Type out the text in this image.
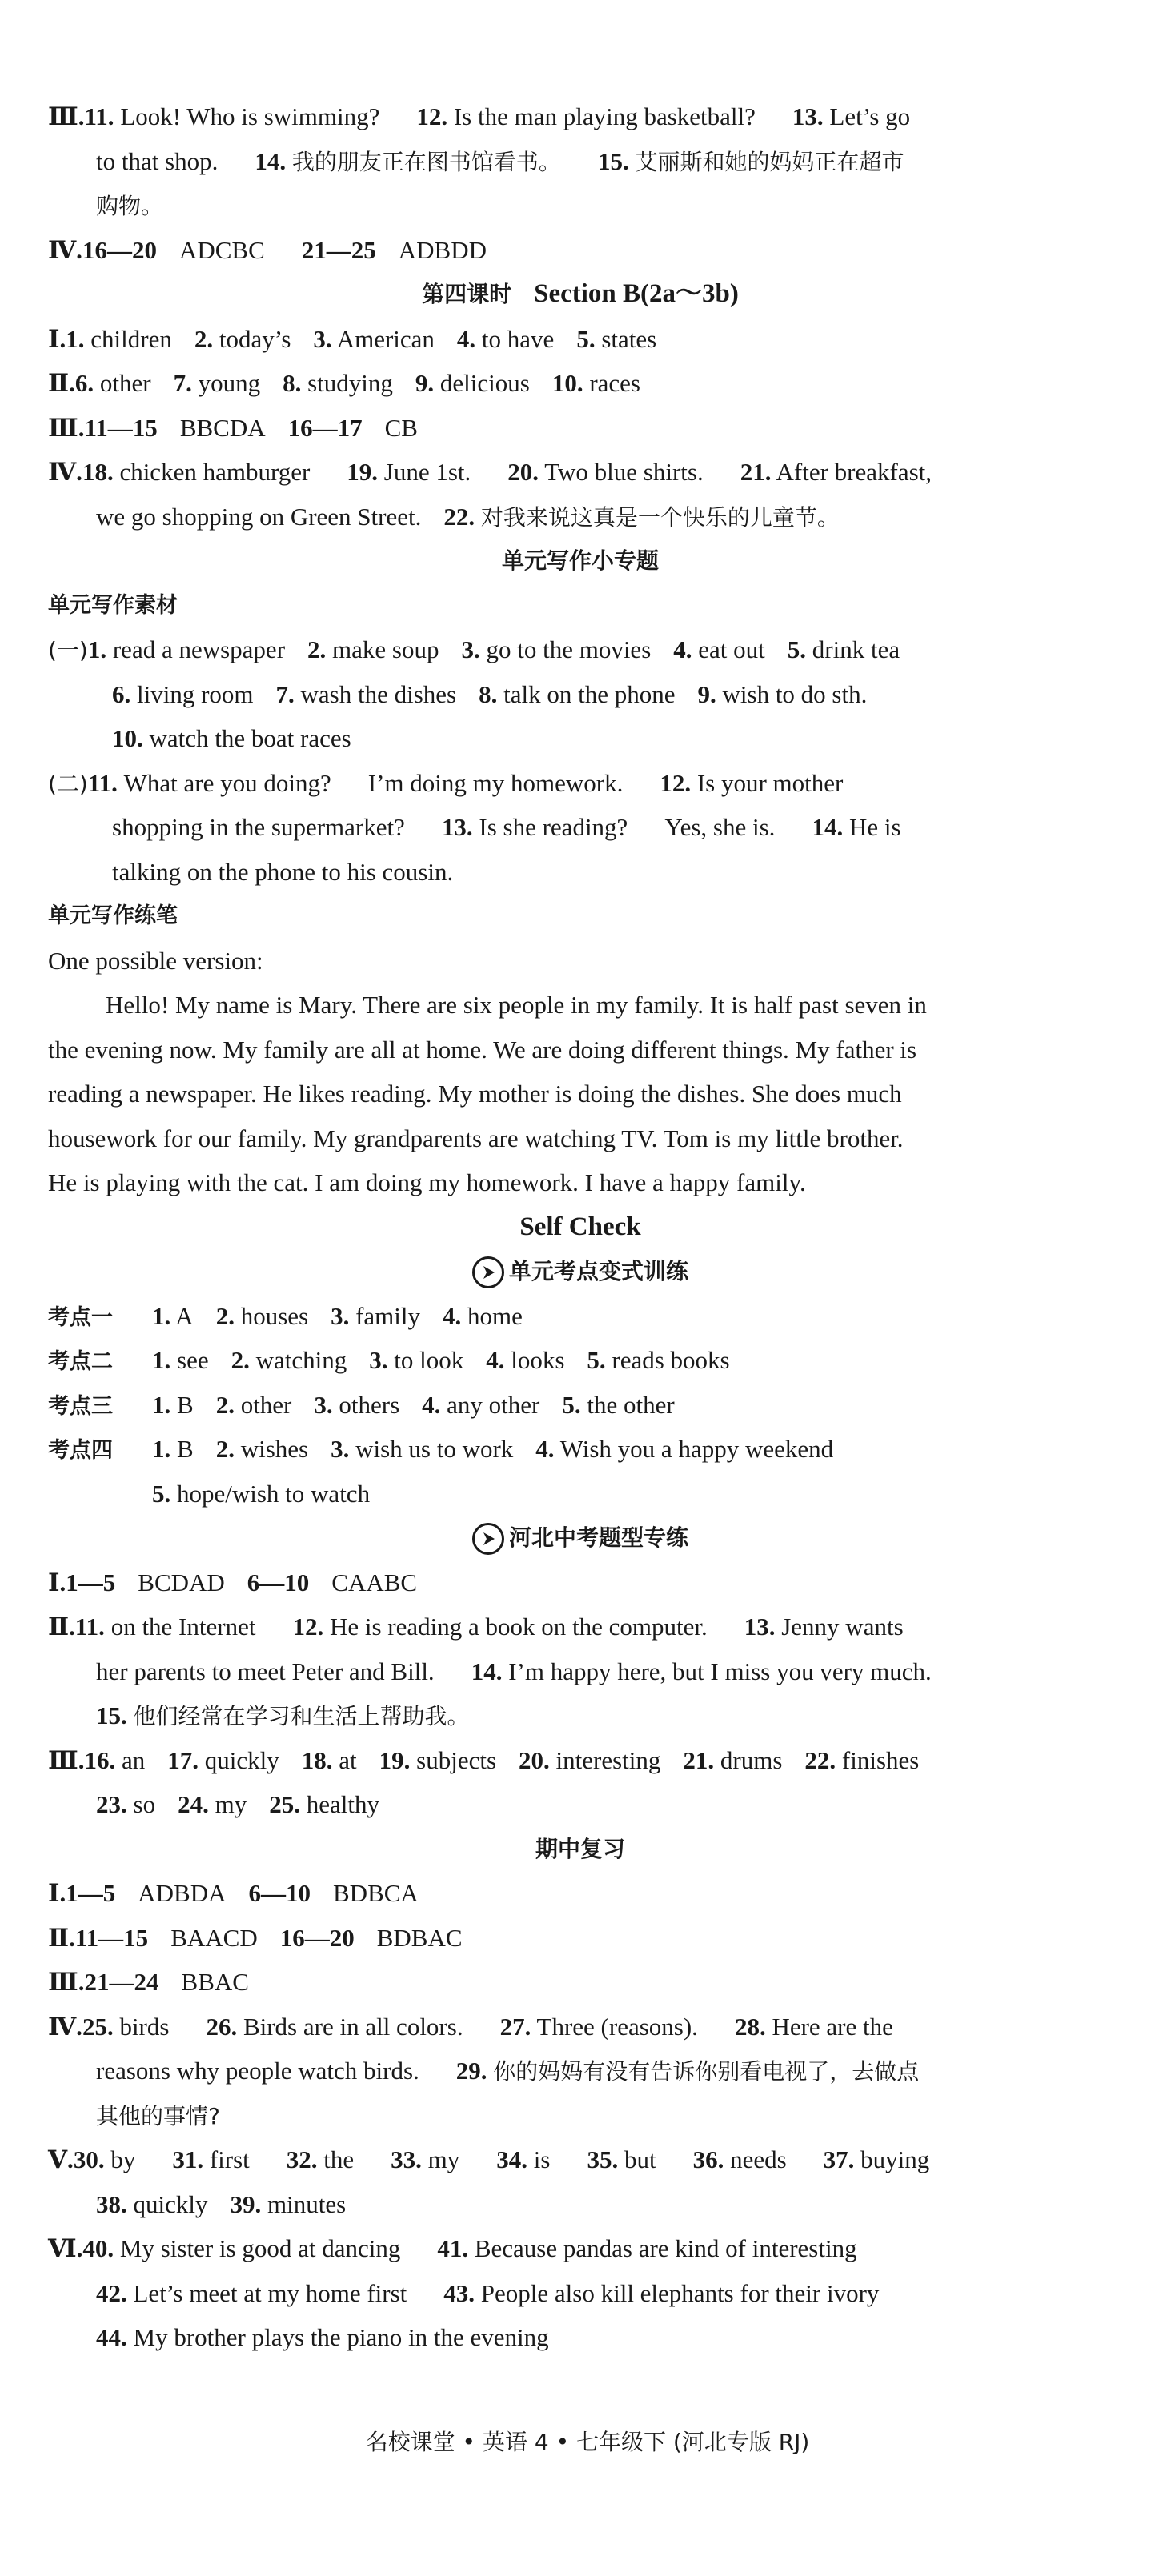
Ⅲ.11. Look! Who is swimming? 12. Is the man playing basketball? 13. Let’s go
to that shop. 14. 我的朋友正在图书馆看书。 15. 艾丽斯和她的妈妈正在超市
购物。
Ⅳ.16—20 ADCBC 21—25 ADBDD
第四课时 Section B(2a～3b)
Ⅰ.1. children 2. today’s 3. American 4. to have 5. states
Ⅱ.6. other 7. young 8. studying 9. delicious 10. races
Ⅲ.11—15 BBCDA 16—17 CB
Ⅳ.18. chicken hamburger 19. June 1st. 20. Two blue shirts. 21. After breakfast,
we go shopping on Green Street. 22. 对我来说这真是一个快乐的儿童节。
单元写作小专题
单元写作素材
(一)1. read a newspaper 2. make soup 3. go to the movies 4. eat out 5. drink tea
6. living room 7. wash the dishes 8. talk on the phone 9. wish to do sth.
10. watch the boat races
(二)11. What are you doing? I’m doing my homework. 12. Is your mother
shopping in the supermarket? 13. Is she reading? Yes, she is. 14. He is
talking on the phone to his cousin.
单元写作练笔
One possible version:
Hello! My name is Mary. There are six people in my family. It is half past seven in
the evening now. My family are all at home. We are doing different things. My father is
reading a newspaper. He likes reading. My mother is doing the dishes. She does much
housework for our family. My grandparents are watching TV. Tom is my little brother.
He is playing with the cat. I am doing my homework. I have a happy family.
Self Check
单元考点变式训练
考点一 1. A 2. houses 3. family 4. home
考点二 1. see 2. watching 3. to look 4. looks 5. reads books
考点三 1. B 2. other 3. others 4. any other 5. the other
考点四 1. B 2. wishes 3. wish us to work 4. Wish you a happy weekend
5. hope/wish to watch
河北中考题型专练
Ⅰ.1—5 BCDAD 6—10 CAABC
Ⅱ.11. on the Internet 12. He is reading a book on the computer. 13. Jenny wants
her parents to meet Peter and Bill. 14. I’m happy here, but I miss you very much.
15. 他们经常在学习和生活上帮助我。
Ⅲ.16. an 17. quickly 18. at 19. subjects 20. interesting 21. drums 22. finishes
23. so 24. my 25. healthy
期中复习
Ⅰ.1—5 ADBDA 6—10 BDBCA
Ⅱ.11—15 BAACD 16—20 BDBAC
Ⅲ.21—24 BBAC
Ⅳ.25. birds 26. Birds are in all colors. 27. Three (reasons). 28. Here are the
reasons why people watch birds. 29. 你的妈妈有没有告诉你别看电视了，去做点
其他的事情?
Ⅴ.30. by 31. first 32. the 33. my 34. is 35. but 36. needs 37. buying
38. quickly 39. minutes
Ⅵ.40. My sister is good at dancing 41. Because pandas are kind of interesting
42. Let’s meet at my home first 43. People also kill elephants for their ivory
44. My brother plays the piano in the evening
名校课堂 • 英语 4 • 七年级下 (河北专版 RJ)
